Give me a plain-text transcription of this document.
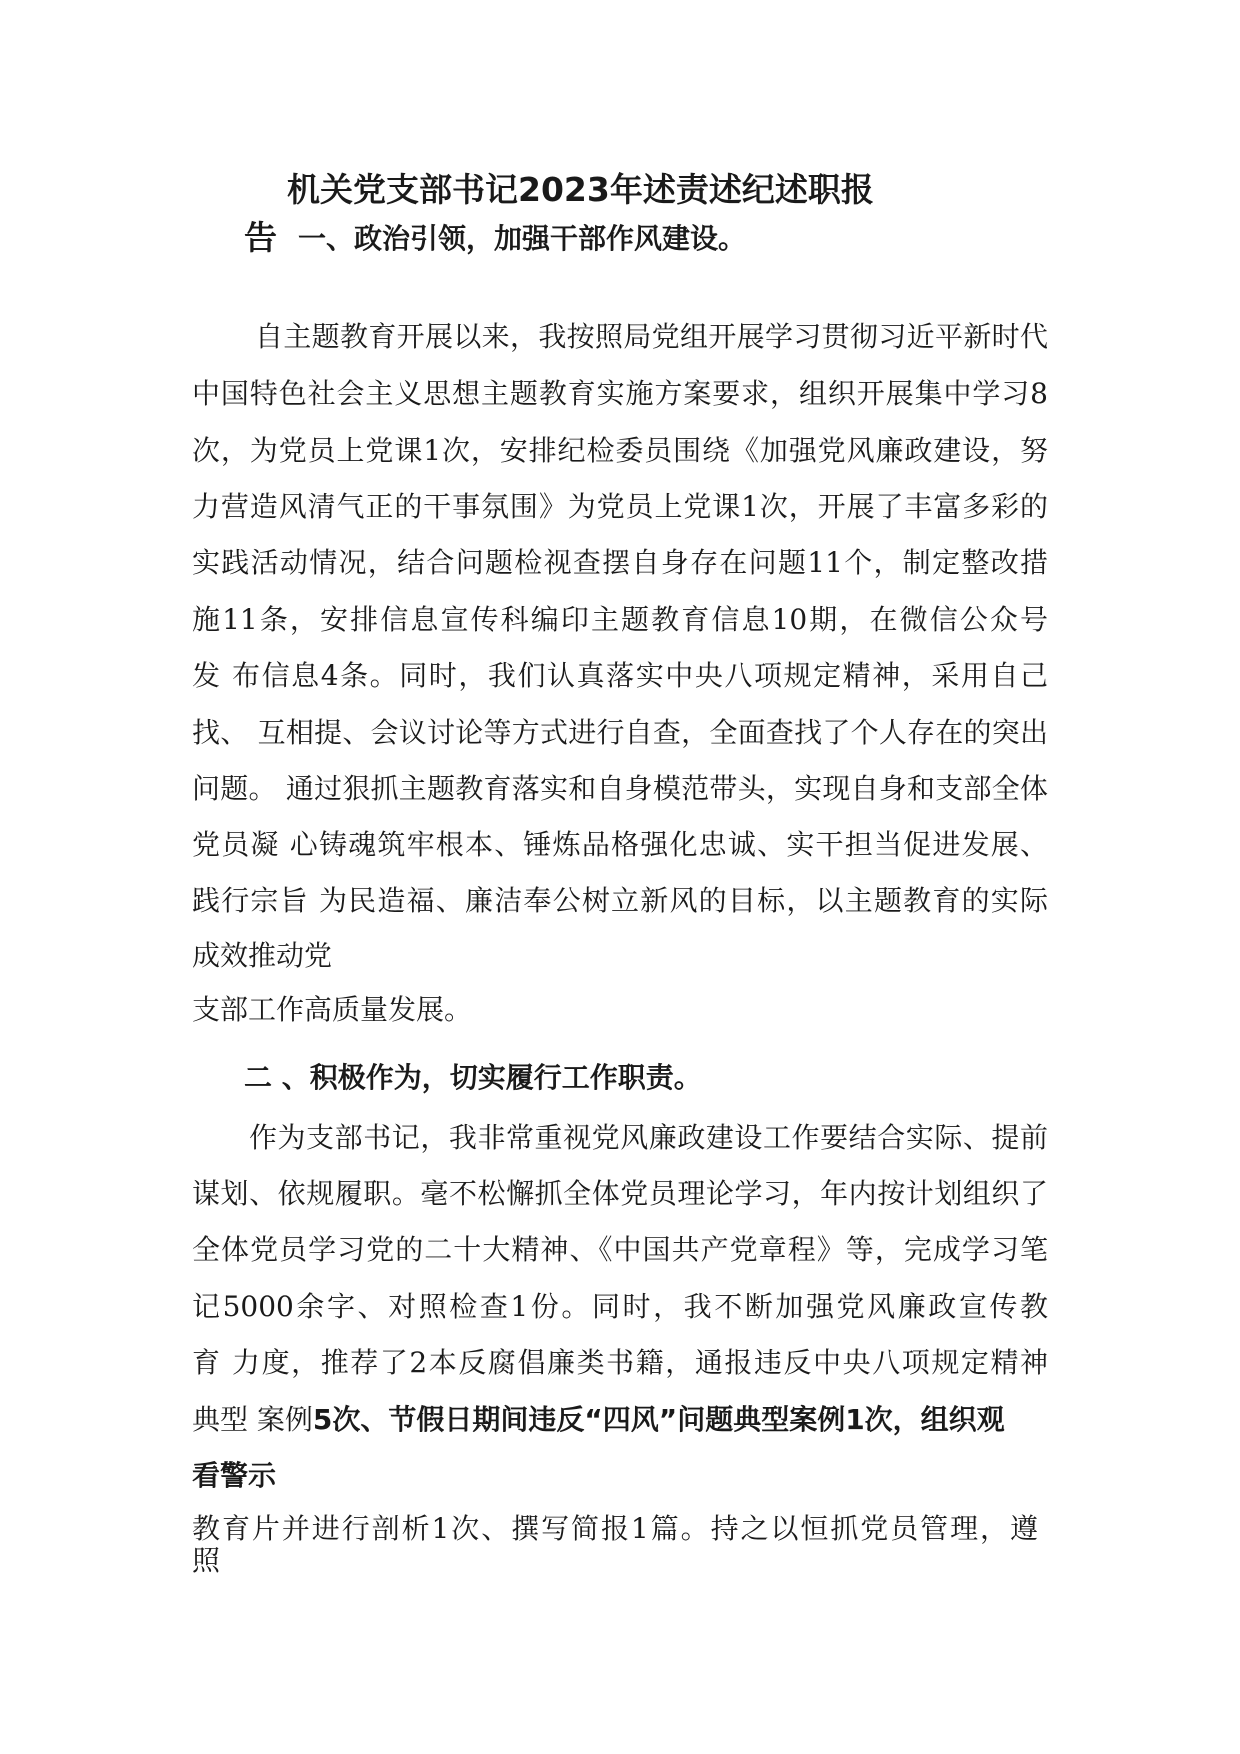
机关党支部书记2023年述责述纪述职报
告 一、政治引领，加强干部作风建设。
自主题教育开展以来，我按照局党组开展学习贯彻习近平新时代
中国特色社会主义思想主题教育实施方案要求，组织开展集中学习8
次，为党员上党课1次，安排纪检委员围绕《加强党风廉政建设，努
力营造风清气正的干事氛围》为党员上党课1次，开展了丰富多彩的
实践活动情况，结合问题检视查摆自身存在问题11个，制定整改措
施11条，安排信息宣传科编印主题教育信息10期，在微信公众号
发 布信息4条。同时，我们认真落实中央八项规定精神，采用自己
找、 互相提、会议讨论等方式进行自查，全面查找了个人存在的突出
问题。 通过狠抓主题教育落实和自身模范带头，实现自身和支部全体
党员凝 心铸魂筑牢根本、锤炼品格强化忠诚、实干担当促进发展、
践行宗旨 为民造福、廉洁奉公树立新风的目标，以主题教育的实际
成效推动党
支部工作高质量发展。
二 、积极作为，切实履行工作职责。
作为支部书记，我非常重视党风廉政建设工作要结合实际、提前
谋划、依规履职。毫不松懈抓全体党员理论学习，年内按计划组织了
全体党员学习党的二十大精神、《中国共产党章程》等，完成学习笔
记5000余字、对照检查1份。同时，我不断加强党风廉政宣传教
育 力度，推荐了2本反腐倡廉类书籍，通报违反中央八项规定精神
典型 案例5次、节假日期间违反“四风”问题典型案例1次，组织观
看警示
教育片并进行剖析1次、撰写简报1篇。持之以恒抓党员管理，遵
照
